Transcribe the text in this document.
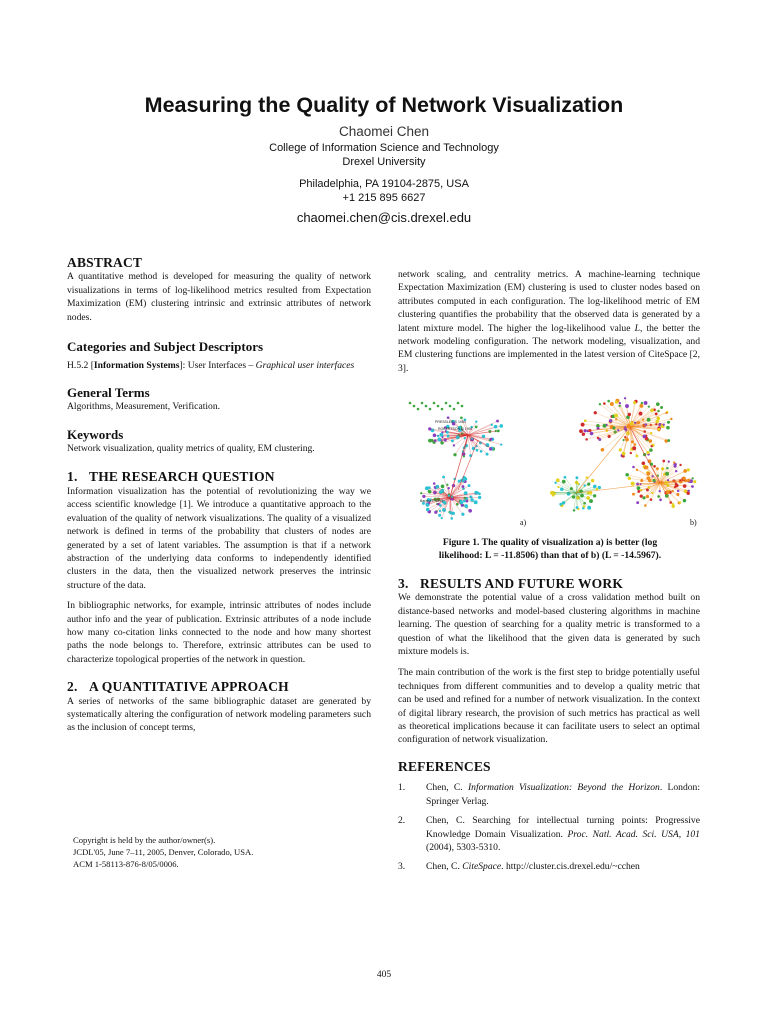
Measuring the Quality of Network Visualization
Chaomei Chen
College of Information Science and Technology
Drexel University
Philadelphia, PA 19104-2875, USA
+1 215 895 6627
chaomei.chen@cis.drexel.edu
ABSTRACT

A quantitative method is developed for measuring the quality of network visualizations in terms of log-likelihood metrics resulted from Expectation Maximization (EM) clustering intrinsic and extrinsic attributes of network nodes.

Categories and Subject Descriptors

H.5.2 [Information Systems]: User Interfaces – Graphical user interfaces

General Terms

Algorithms, Measurement, Verification.

Keywords

Network visualization, quality metrics of quality, EM clustering.

1. THE RESEARCH QUESTION

Information visualization has the potential of revolutionizing the way we access scientific knowledge [1]. We introduce a quantitative approach to the evaluation of the quality of network visualizations. The quality of a visualized network is defined in terms of the probability that clusters of nodes are generated by a set of latent variables. The assumption is that if a network abstraction of the underlying data conforms to independently identified clusters in the data, then the visualized network preserves the intrinsic structure of the data.

In bibliographic networks, for example, intrinsic attributes of nodes include author info and the year of publication. Extrinsic attributes of a node include how many co-citation links connected to the node and how many shortest paths the node belongs to. Therefore, extrinsic attributes can be used to characterize topological properties of the network in question.

2. A QUANTITATIVE APPROACH

A series of networks of the same bibliographic dataset are generated by systematically altering the configuration of network modeling parameters such as the inclusion of concept terms,

Copyright is held by the author/owner(s).
JCDL'05, June 7–11, 2005, Denver, Colorado, USA.
ACM 1-58113-876-8/05/0006.

network scaling, and centrality metrics. A machine-learning technique Expectation Maximization (EM) clustering is used to cluster nodes based on attributes computed in each configuration. The log-likelihood metric of EM clustering quantifies the probability that the observed data is generated by a latent mixture model. The higher the log-likelihood value L, the better the network modeling configuration. The network modeling, visualization, and EM clustering functions are implemented in the latest version of CiteSpace [2, 3].

PRESSLER S 1980
ROBERTSON G 1991
Baraka F 1994
a)	b)
Figure 1. The quality of visualization a) is better (log
likelihood: L = -11.8506) than that of b) (L = -14.5967).
3. RESULTS AND FUTURE WORK

We demonstrate the potential value of a cross validation method built on distance-based networks and model-based clustering algorithms in machine learning. The question of searching for a quality metric is transformed to a question of what the likelihood that the given data is generated by such mixture models is.

The main contribution of the work is the first step to bridge potentially useful techniques from different communities and to develop a quality metric that can be used and refined for a number of network visualization. In the context of digital library research, the provision of such metrics has practical as well as theoretical implications because it can facilitate users to select an optimal configuration of network visualization.

REFERENCES
1. Chen, C. Information Visualization: Beyond the Horizon. London: Springer Verlag.
2. Chen, C. Searching for intellectual turning points: Progressive Knowledge Domain Visualization. Proc. Natl. Acad. Sci. USA, 101 (2004), 5303-5310.
3. Chen, C. CiteSpace. http://cluster.cis.drexel.edu/~cchen
405
